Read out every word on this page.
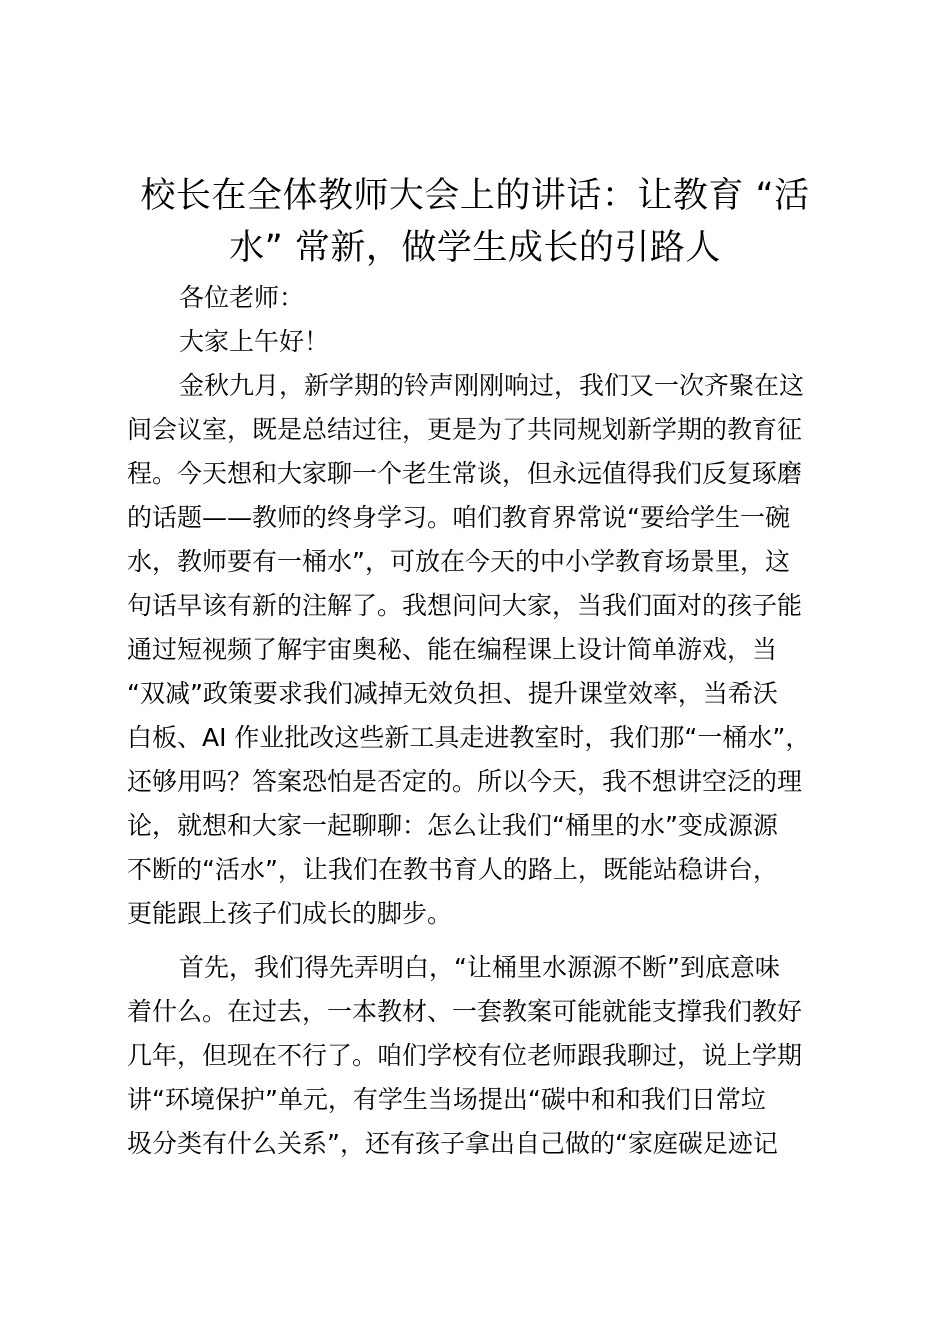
校长在全体教师大会上的讲话：让教育 “活
水” 常新，做学生成长的引路人
各位老师：
大家上午好！
金秋九月，新学期的铃声刚刚响过，我们又一次齐聚在这
间会议室，既是总结过往，更是为了共同规划新学期的教育征
程。今天想和大家聊一个老生常谈，但永远值得我们反复琢磨
的话题——教师的终身学习。咱们教育界常说“要给学生一碗
水，教师要有一桶水”，可放在今天的中小学教育场景里，这
句话早该有新的注解了。我想问问大家，当我们面对的孩子能
通过短视频了解宇宙奥秘、能在编程课上设计简单游戏，当
“双减”政策要求我们减掉无效负担、提升课堂效率，当希沃
白板、AI 作业批改这些新工具走进教室时，我们那“一桶水”，
还够用吗？答案恐怕是否定的。所以今天，我不想讲空泛的理
论，就想和大家一起聊聊：怎么让我们“桶里的水”变成源源
不断的“活水”，让我们在教书育人的路上，既能站稳讲台，
更能跟上孩子们成长的脚步。
首先，我们得先弄明白，“让桶里水源源不断”到底意味
着什么。在过去，一本教材、一套教案可能就能支撑我们教好
几年，但现在不行了。咱们学校有位老师跟我聊过，说上学期
讲“环境保护”单元，有学生当场提出“碳中和和我们日常垃
圾分类有什么关系”，还有孩子拿出自己做的“家庭碳足迹记
